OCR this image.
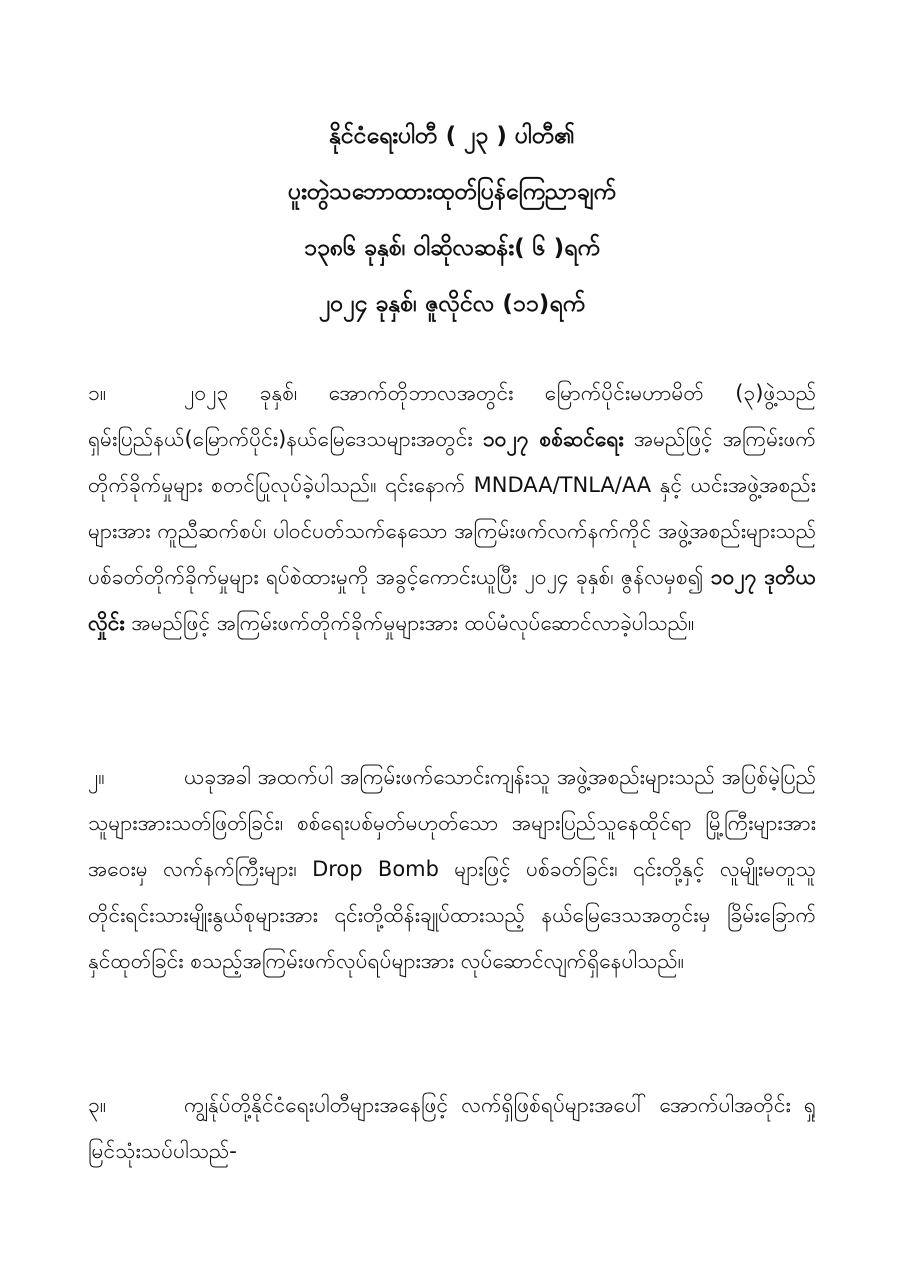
နိုင်ငံရေးပါတီ ( ၂၃ ) ပါတီ၏
ပူးတွဲသဘောထားထုတ်ပြန်ကြေညာချက်
၁၃၈၆ ခုနှစ်၊ ဝါဆိုလဆန်း( ၆ )ရက်
၂၀၂၄ ခုနှစ်၊ ဇူလိုင်လ (၁၁)ရက်

၁။	၂၀၂၃ ခုနှစ်၊ အောက်တိုဘာလအတွင်း မြောက်ပိုင်းမဟာမိတ် (၃)ဖွဲ့သည် ရှမ်းပြည်နယ်(မြောက်ပိုင်း)နယ်မြေဒေသများအတွင်း ၁၀၂၇ စစ်ဆင်ရေး အမည်ဖြင့် အကြမ်းဖက်တိုက်ခိုက်မှုများ စတင်ပြုလုပ်ခဲ့ပါသည်။ ၎င်းနောက် MNDAA/TNLA/AA နှင့် ယင်းအဖွဲ့အစည်းများအား ကူညီဆက်စပ်၊ ပါဝင်ပတ်သက်နေသော အကြမ်းဖက်လက်နက်ကိုင် အဖွဲ့အစည်းများသည် ပစ်ခတ်တိုက်ခိုက်မှုများ ရပ်စဲထားမှုကို အခွင့်ကောင်းယူပြီး ၂၀၂၄ ခုနှစ်၊ ဇွန်လမှစ၍ ၁၀၂၇ ဒုတိယလှိုင်း အမည်ဖြင့် အကြမ်းဖက်တိုက်ခိုက်မှုများအား ထပ်မံလုပ်ဆောင်လာခဲ့ပါသည်။

၂။	ယခုအခါ အထက်ပါ အကြမ်းဖက်သောင်းကျန်းသူ အဖွဲ့အစည်းများသည် အပြစ်မဲ့ပြည်သူများအားသတ်ဖြတ်ခြင်း၊ စစ်ရေးပစ်မှတ်မဟုတ်သော အများပြည်သူနေထိုင်ရာ မြို့ကြီးများအား အဝေးမှ လက်နက်ကြီးများ၊ Drop Bomb များဖြင့် ပစ်ခတ်ခြင်း၊ ၎င်းတို့နှင့် လူမျိုးမတူသူ တိုင်းရင်းသားမျိုးနွယ်စုများအား ၎င်းတို့ထိန်းချုပ်ထားသည့် နယ်မြေဒေသအတွင်းမှ ခြိမ်းခြောက်နှင်ထုတ်ခြင်း စသည့်အကြမ်းဖက်လုပ်ရပ်များအား လုပ်ဆောင်လျက်ရှိနေပါသည်။

၃။	ကျွန်ုပ်တို့နိုင်ငံရေးပါတီများအနေဖြင့် လက်ရှိဖြစ်ရပ်များအပေါ် အောက်ပါအတိုင်း ရှုမြင်သုံးသပ်ပါသည်-
